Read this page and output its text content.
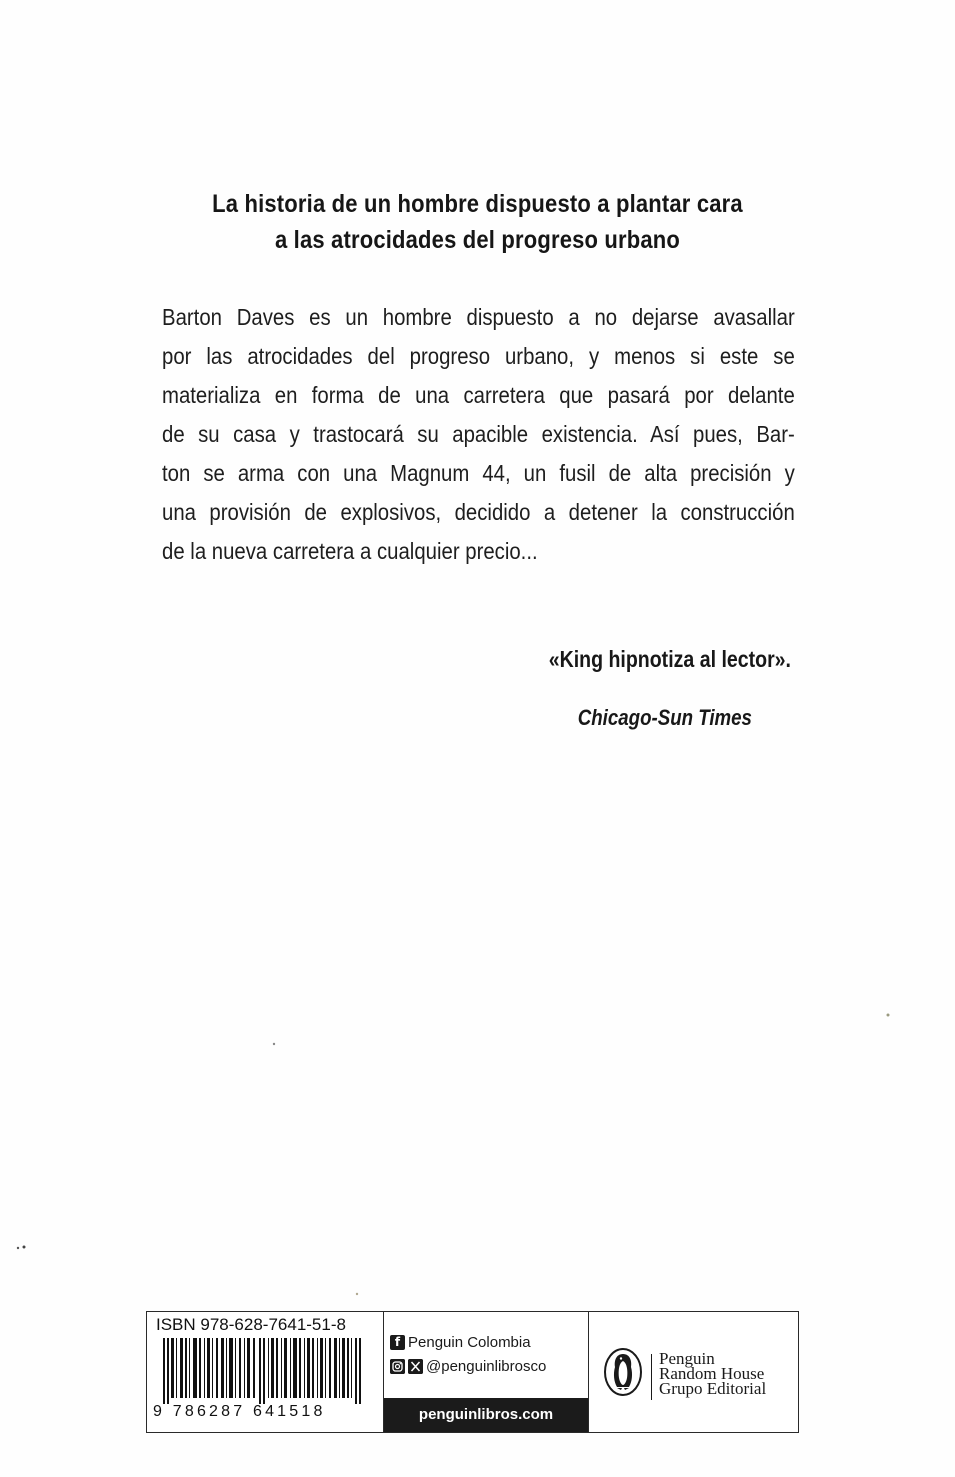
La historia de un hombre dispuesto a plantar cara
a las atrocidades del progreso urbano
Barton Daves es un hombre dispuesto a no dejarse avasallar
por las atrocidades del progreso urbano, y menos si este se
materializa en forma de una carretera que pasará por delante
de su casa y trastocará su apacible existencia. Así pues, Bar-
ton se arma con una Magnum 44, un fusil de alta precisión y
una provisión de explosivos, decidido a detener la construcción
de la nueva carretera a cualquier precio...
«King hipnotiza al lector».
Chicago-Sun Times
ISBN 978-628-7641-51-8
9 786287 641518
f Penguin Colombia
@penguinlibrosco
penguinlibros.com
Penguin
Random House
Grupo Editorial
